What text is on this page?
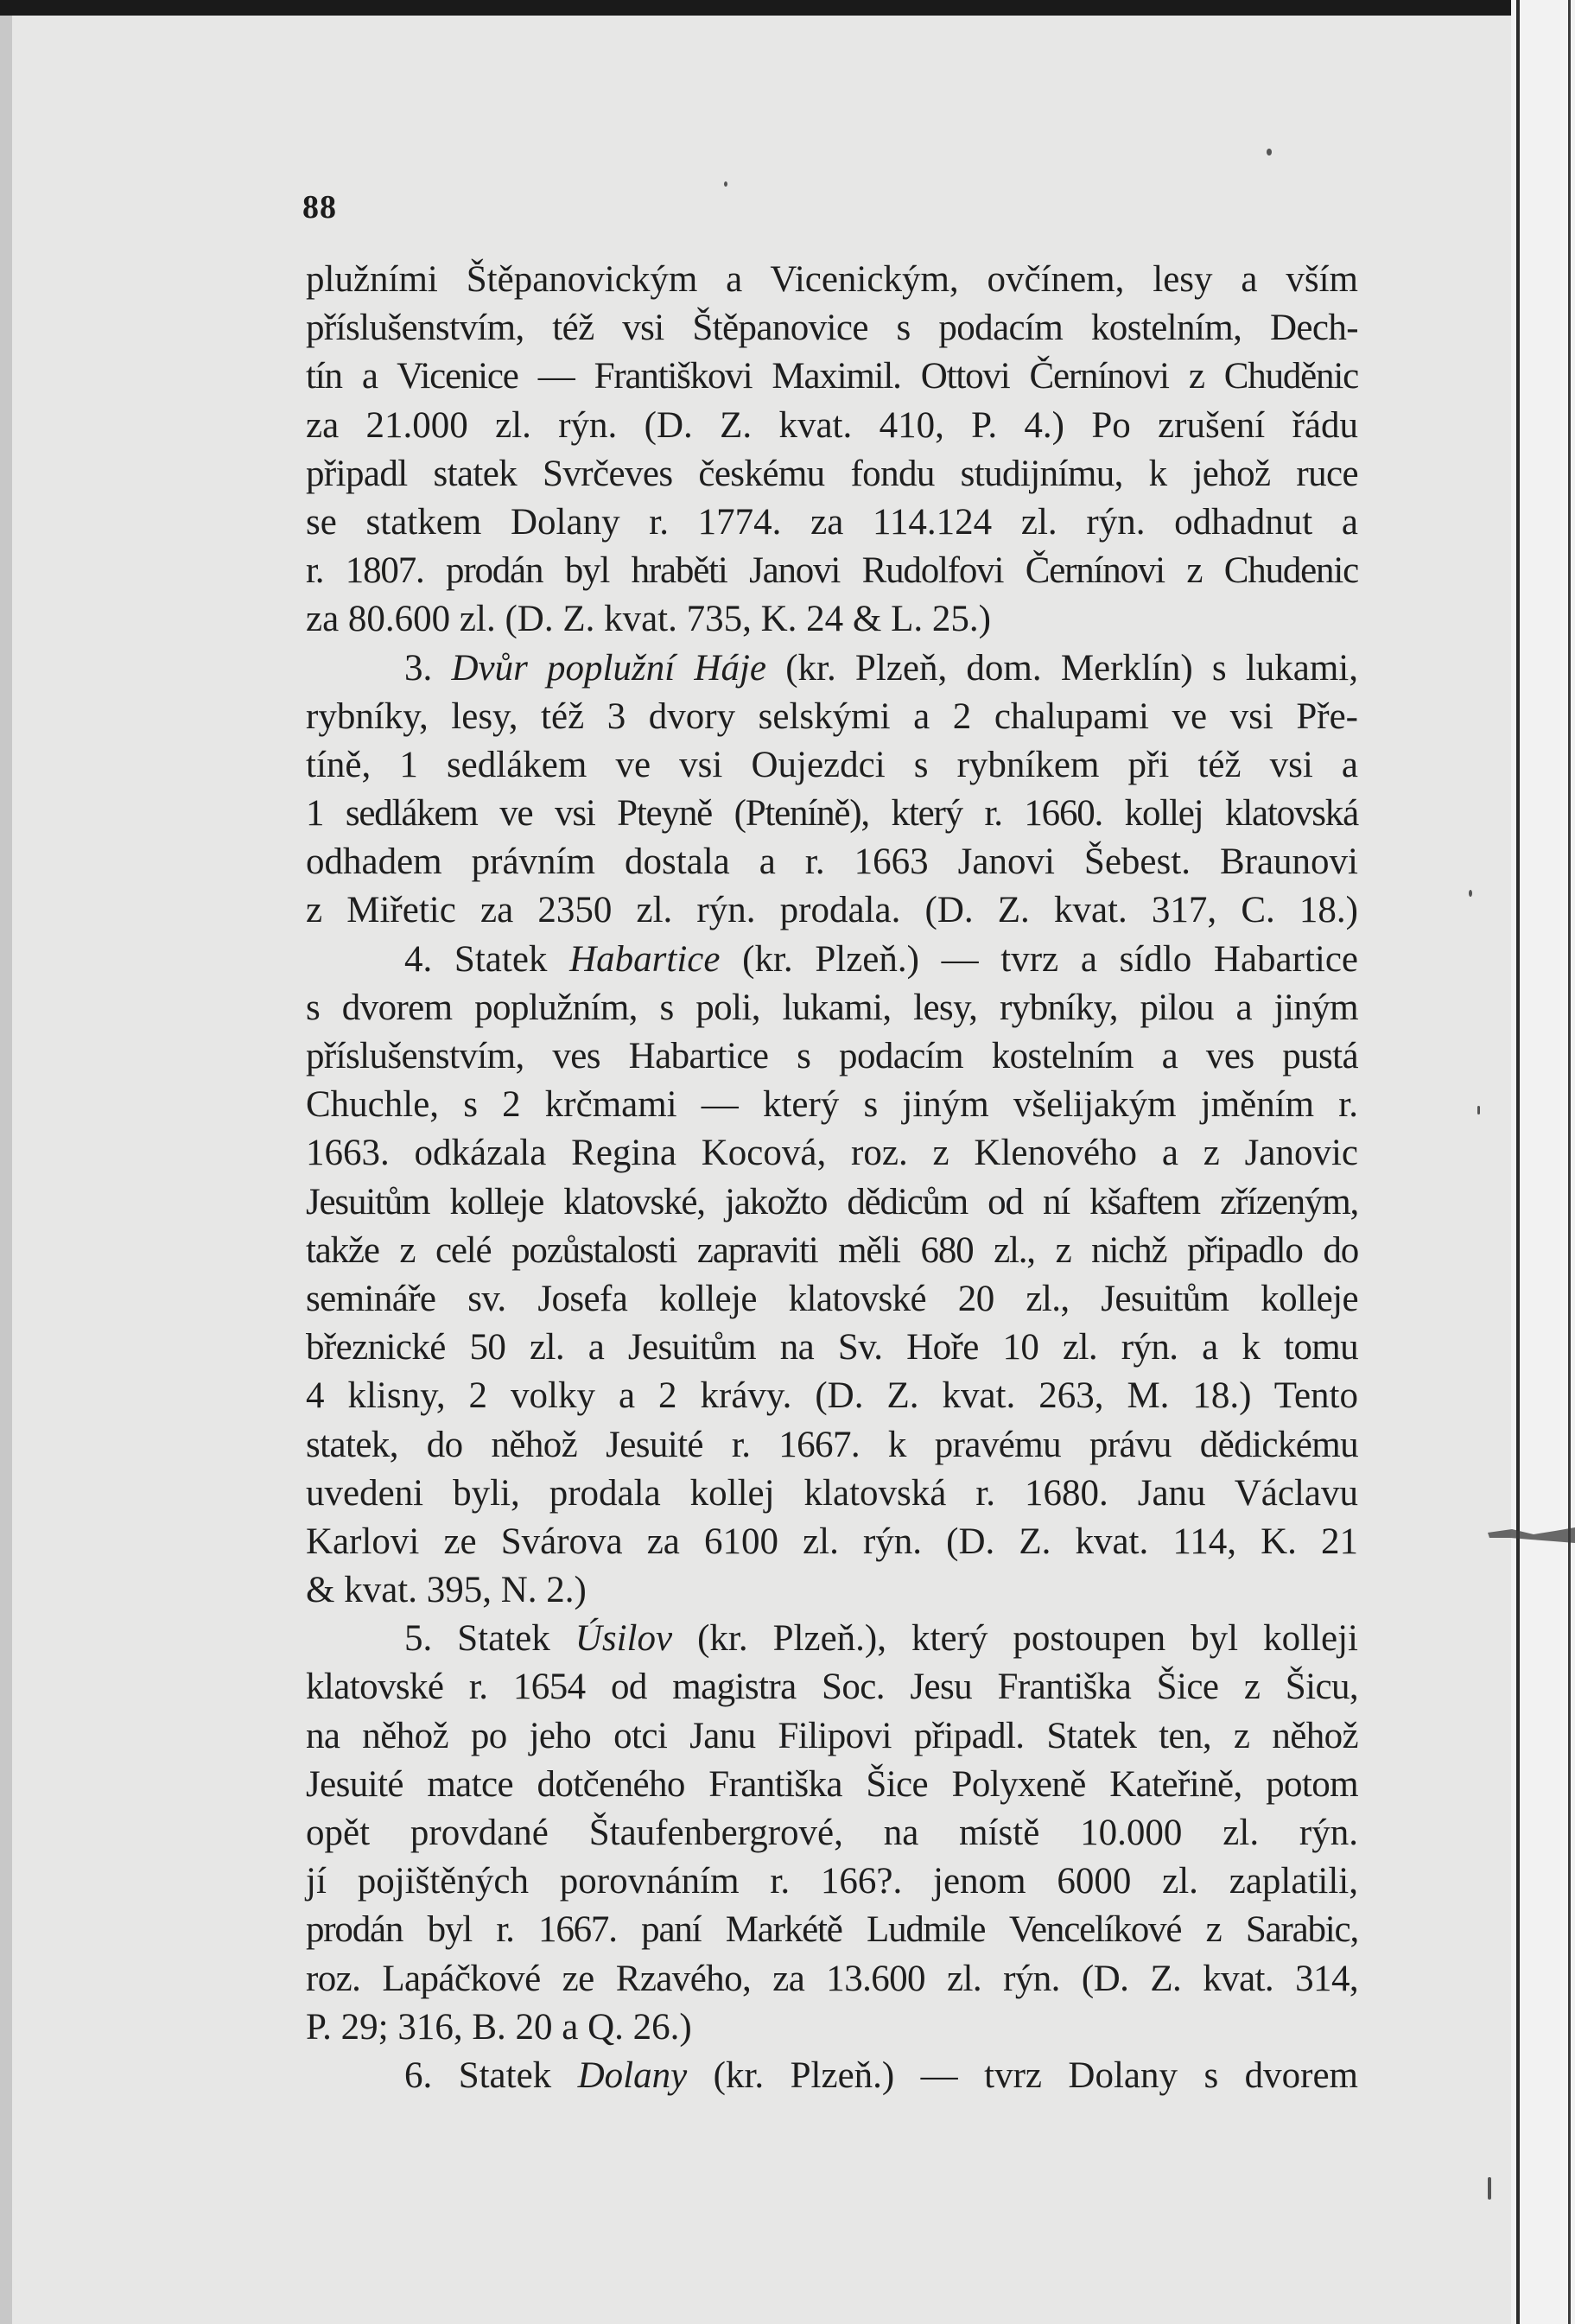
88
plužními Štěpanovickým a Vicenickým, ovčínem, lesy a vším
příslušenstvím, též vsi Štěpanovice s podacím kostelním, Dech-
tín a Vicenice — Františkovi Maximil. Ottovi Černínovi z Chuděnic
za 21.000 zl. rýn. (D. Z. kvat. 410, P. 4.) Po zrušení řádu
připadl statek Svrčeves českému fondu studijnímu, k jehož ruce
se statkem Dolany r. 1774. za 114.124 zl. rýn. odhadnut a
r. 1807. prodán byl hraběti Janovi Rudolfovi Černínovi z Chudenic
za 80.600 zl. (D. Z. kvat. 735, K. 24 & L. 25.)
3. Dvůr poplužní Háje (kr. Plzeň, dom. Merklín) s lukami,
rybníky, lesy, též 3 dvory selskými a 2 chalupami ve vsi Pře-
tíně, 1 sedlákem ve vsi Oujezdci s rybníkem při též vsi a
1 sedlákem ve vsi Pteyně (Pteníně), který r. 1660. kollej klatovská
odhadem právním dostala a r. 1663 Janovi Šebest. Braunovi
z Miřetic za 2350 zl. rýn. prodala. (D. Z. kvat. 317, C. 18.)
4. Statek Habartice (kr. Plzeň.) — tvrz a sídlo Habartice
s dvorem poplužním, s poli, lukami, lesy, rybníky, pilou a jiným
příslušenstvím, ves Habartice s podacím kostelním a ves pustá
Chuchle, s 2 krčmami — který s jiným všelijakým jměním r.
1663. odkázala Regina Kocová, roz. z Klenového a z Janovic
Jesuitům kolleje klatovské, jakožto dědicům od ní kšaftem zřízeným,
takže z celé pozůstalosti zapraviti měli 680 zl., z nichž připadlo do
semináře sv. Josefa kolleje klatovské 20 zl., Jesuitům kolleje
březnické 50 zl. a Jesuitům na Sv. Hoře 10 zl. rýn. a k tomu
4 klisny, 2 volky a 2 krávy. (D. Z. kvat. 263, M. 18.) Tento
statek, do něhož Jesuité r. 1667. k pravému právu dědickému
uvedeni byli, prodala kollej klatovská r. 1680. Janu Václavu
Karlovi ze Svárova za 6100 zl. rýn. (D. Z. kvat. 114, K. 21
& kvat. 395, N. 2.)
5. Statek Úsilov (kr. Plzeň.), který postoupen byl kolleji
klatovské r. 1654 od magistra Soc. Jesu Františka Šice z Šicu,
na něhož po jeho otci Janu Filipovi připadl. Statek ten, z něhož
Jesuité matce dotčeného Františka Šice Polyxeně Kateřině, potom
opět provdané Štaufenbergrové, na místě 10.000 zl. rýn.
jí pojištěných porovnáním r. 166?. jenom 6000 zl. zaplatili,
prodán byl r. 1667. paní Markétě Ludmile Vencelíkové z Sarabic,
roz. Lapáčkové ze Rzavého, za 13.600 zl. rýn. (D. Z. kvat. 314,
P. 29; 316, B. 20 a Q. 26.)
6. Statek Dolany (kr. Plzeň.) — tvrz Dolany s dvorem
